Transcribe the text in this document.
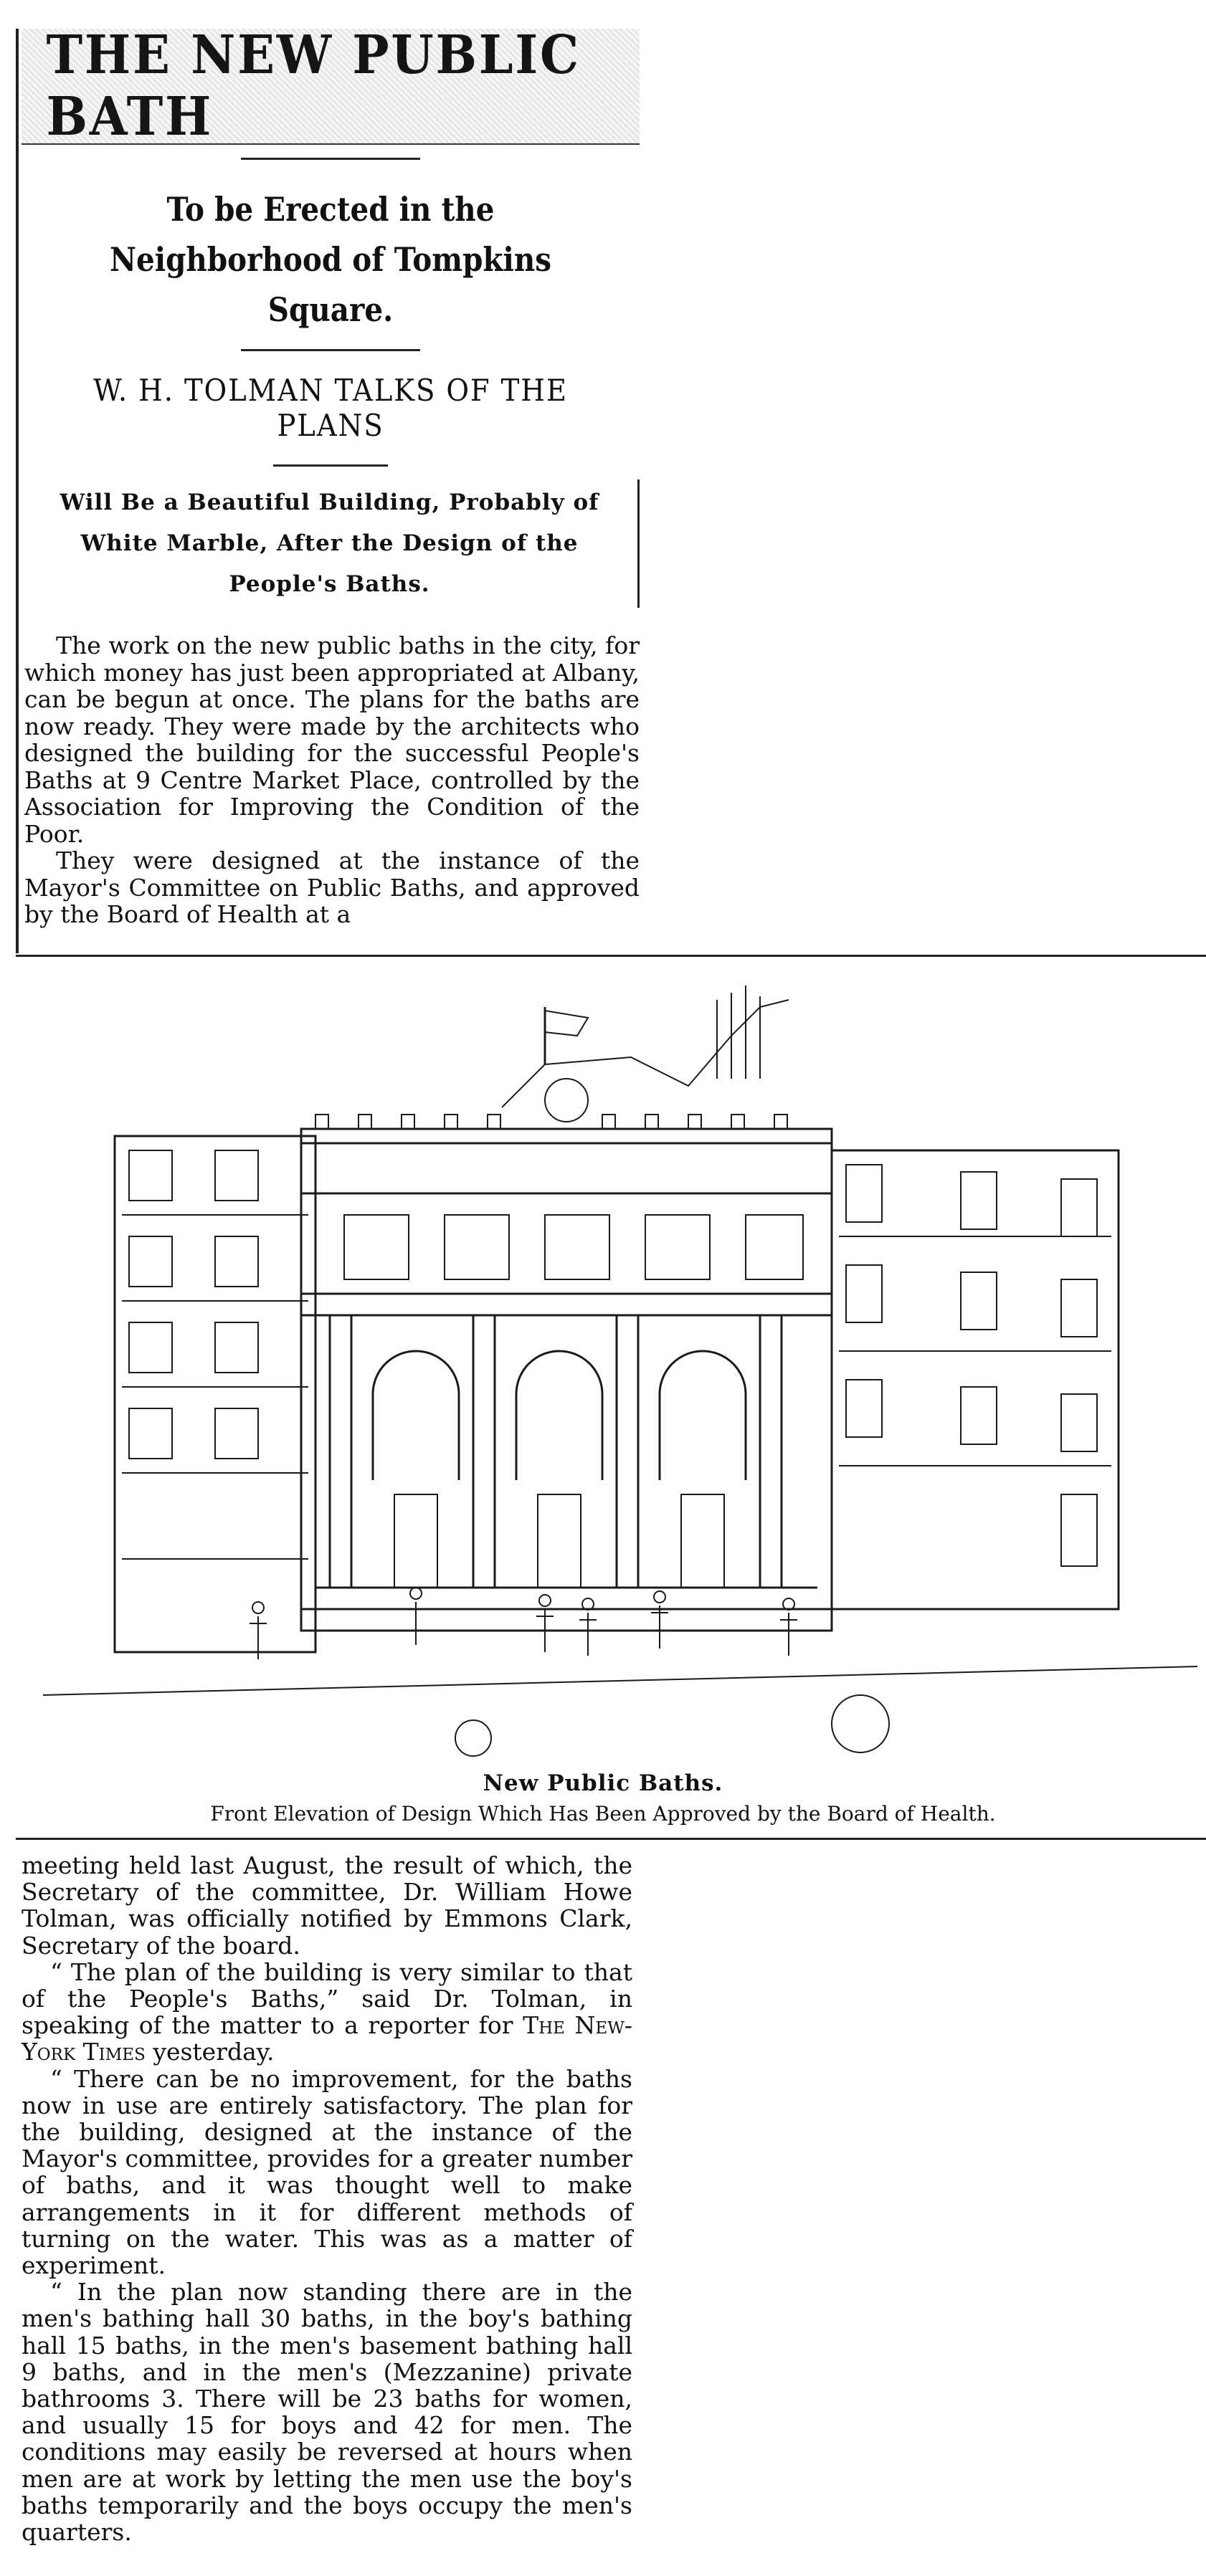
THE NEW PUBLIC BATH
To be Erected in the Neighborhood of Tompkins Square.
W. H. TOLMAN TALKS OF THE PLANS
Will Be a Beautiful Building, Probably of White Marble, After the Design of the People's Baths.

The work on the new public baths in the city, for which money has just been appropriated at Albany, can be begun at once. The plans for the baths are now ready. They were made by the architects who designed the building for the successful People's Baths at 9 Centre Market Place, controlled by the Association for Improving the Condition of the Poor.

They were designed at the instance of the Mayor's Committee on Public Baths, and approved by the Board of Health at a

New Public Baths.
Front Elevation of Design Which Has Been Approved by the Board of Health.

meeting held last August, the result of which, the Secretary of the committee, Dr. William Howe Tolman, was officially notified by Emmons Clark, Secretary of the board.

“ The plan of the building is very similar to that of the People's Baths,” said Dr. Tolman, in speaking of the matter to a reporter for The New-York Times yesterday.

“ There can be no improvement, for the baths now in use are entirely satisfactory. The plan for the building, designed at the instance of the Mayor's committee, provides for a greater number of baths, and it was thought well to make arrangements in it for different methods of turning on the water. This was as a matter of experiment.

“ In the plan now standing there are in the men's bathing hall 30 baths, in the boy's bathing hall 15 baths, in the men's basement bathing hall 9 baths, and in the men's (Mezzanine) private bathrooms 3. There will be 23 baths for women, and usually 15 for boys and 42 for men. The conditions may easily be reversed at hours when men are at work by letting the men use the boy's baths temporarily and the boys occupy the men's quarters.
